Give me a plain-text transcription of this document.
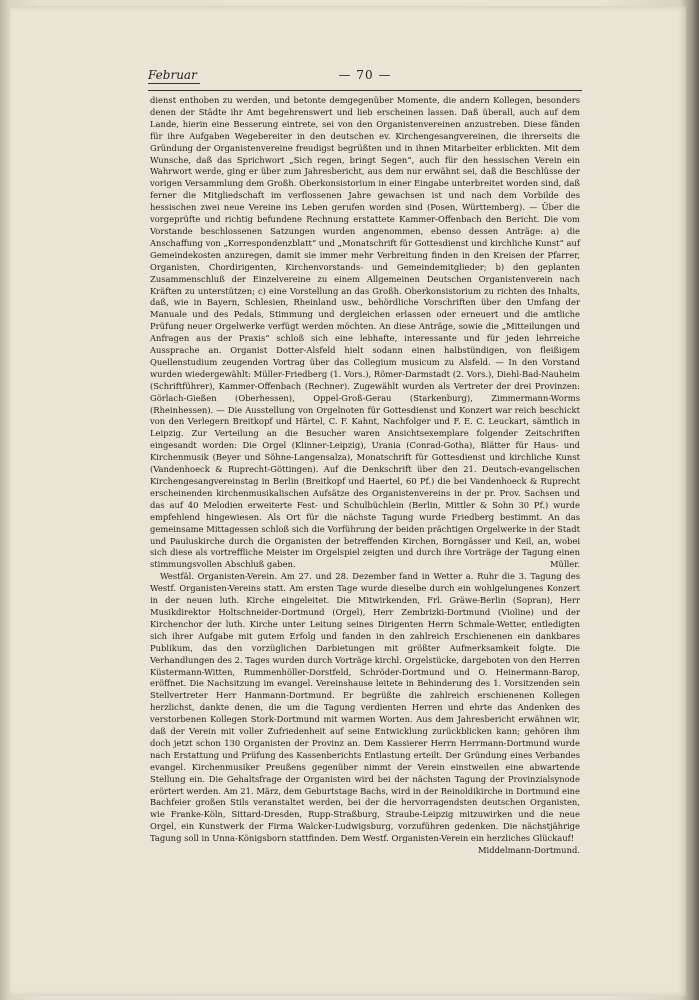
Febr​uar	— 70 —

dienst enthoben zu werden, und betonte demgegenüber Momente, die andern Kollegen, besonders denen der Städte ihr Amt begehrenswert und lieb erscheinen lassen. Daß überall, auch auf dem Lande, hierin eine Besserung eintrete, sei von den Organistenvereinen anzustreben. Diese fänden für ihre Aufgaben Wegebereiter in den deutschen ev. Kirchengesangvereinen, die ihrerseits die Gründung der Organistenvereine freudigst begrüßten und in ihnen Mitarbeiter erblickten. Mit dem Wunsche, daß das Sprichwort „Sich regen, bringt Segen“, auch für den hessischen Verein ein Wahrwort werde, ging er über zum Jahresbericht, aus dem nur erwähnt sei, daß die Beschlüsse der vorigen Versammlung dem Großh. Oberkonsistorium in einer Eingabe unterbreitet worden sind, daß ferner die Mitgliedschaft im verflossenen Jahre gewachsen ist und nach dem Vorbilde des hessischen zwei neue Vereine ins Leben gerufen worden sind (Posen, Württemberg). — Über die vorgeprüfte und richtig befundene Rechnung erstattete Kammer-Offenbach den Bericht. Die vom Vorstande beschlossenen Satzungen wurden angenommen, ebenso dessen Anträge: a) die Anschaffung von „Korrespondenzblatt“ und „Monatschrift für Gottesdienst und kirchliche Kunst“ auf Gemeindekosten anzuregen, damit sie immer mehr Verbreitung finden in den Kreisen der Pfarrer, Organisten, Chordirigenten, Kirchenvorstands- und Gemeindemitglieder; b) den geplanten Zusammenschluß der Einzelvereine zu einem Allgemeinen Deutschen Organistenverein nach Kräften zu unterstützen; c) eine Vorstellung an das Großh. Oberkonsistorium zu richten des Inhalts, daß, wie in Bayern, Schlesien, Rheinland usw., behördliche Vorschriften über den Umfang der Manuale und des Pedals, Stimmung und dergleichen erlassen oder erneuert und die amtliche Prüfung neuer Orgelwerke verfügt werden möchten. An diese Anträge, sowie die „Mitteilungen und Anfragen aus der Praxis“ schloß sich eine lebhafte, interessante und für jeden lehrreiche Aussprache an. Organist Dotter-Alsfeld hielt sodann einen halbstündigen, von fleißigem Quellenstudium zeugenden Vortrag über das Collegium musicum zu Alsfeld. — In den Vorstand wurden wiedergewählt: Müller-Friedberg (1. Vors.), Römer-Darmstadt (2. Vors.), Diehl-Bad-Nauheim (Schriftführer), Kammer-Offenbach (Rechner). Zugewählt wurden als Vertreter der drei Provinzen: Görlach-Gießen (Oberhessen), Oppel-Groß-Gerau (Starkenburg), Zimmermann-Worms (Rheinhessen). — Die Ausstellung von Orgelnoten für Gottesdienst und Konzert war reich beschickt von den Verlegern Breitkopf und Härtel, C. F. Kahnt, Nachfolger und F. E. C. Leuckart, sämtlich in Leipzig. Zur Verteilung an die Besucher waren Ansichtsexemplare folgender Zeitschriften eingesandt worden: Die Orgel (Klinner-Leipzig), Urania (Conrad-Gotha), Blätter für Haus- und Kirchenmusik (Beyer und Söhne-Langensalza), Monatschrift für Gottesdienst und kirchliche Kunst (Vandenhoeck & Ruprecht-Göttingen). Auf die Denkschrift über den 21. Deutsch-evangelischen Kirchengesangvereinstag in Berlin (Breitkopf und Haertel, 60 Pf.) die bei Vandenhoeck & Ruprecht erscheinenden kirchenmusikalischen Aufsätze des Organistenvereins in der pr. Prov. Sachsen und das auf 40 Melodien erweiterte Fest- und Schulbüchlein (Berlin, Mittler & Sohn 30 Pf.) wurde empfehlend hingewiesen. Als Ort für die nächste Tagung wurde Friedberg bestimmt. An das gemeinsame Mittagessen schloß sich die Vorführung der beiden prächtigen Orgelwerke in der Stadt und Pauluskirche durch die Organisten der betreffenden Kirchen, Borngässer und Keil, an, wobei sich diese als vortreffliche Meister im Orgelspiel zeigten und durch ihre Vorträge der Tagung einen stimmungsvollen Abschluß gaben.	Müller.

Westfäl. Organisten-Verein. Am 27. und 28. Dezember fand in Wetter a. Ruhr die 3. Tagung des Westf. Organisten-Vereins statt. Am ersten Tage wurde dieselbe durch ein wohlgelungenes Konzert in der neuen luth. Kirche eingeleitet. Die Mitwirkenden, Frl. Gräwe-Berlin (Sopran), Herr Musikdirektor Holtschneider-Dortmund (Orgel), Herr Zembrizki-Dortmund (Violine) und der Kirchenchor der luth. Kirche unter Leitung seines Dirigenten Herrn Schmale-Wetter, entledigten sich ihrer Aufgabe mit gutem Erfolg und fanden in den zahlreich Erschienenen ein dankbares Publikum, das den vorzüglichen Darbietungen mit größter Aufmerksamkeit folgte. Die Verhandlungen des 2. Tages wurden durch Vorträge kirchl. Orgelstücke, dargeboten von den Herren Küstermann-Witten, Rummenhöller-Dorstfeld, Schröder-Dortmund und O. Heinermann-Barop, eröffnet. Die Nachsitzung im evangel. Vereinshause leitete in Behinderung des 1. Vorsitzenden sein Stellvertreter Herr Hanmann-Dortmund. Er begrüßte die zahlreich erschienenen Kollegen herzlichst, dankte denen, die um die Tagung verdienten Herren und ehrte das Andenken des verstorbenen Kollegen Stork-Dortmund mit warmen Worten. Aus dem Jahresbericht erwähnen wir, daß der Verein mit voller Zufriedenheit auf seine Entwicklung zurückblicken kann; gehören ihm doch jetzt schon 130 Organisten der Provinz an. Dem Kassierer Herrn Herrmann-Dortmund wurde nach Erstattung und Prüfung des Kassenberichts Entlastung erteilt. Der Gründung eines Verbandes evangel. Kirchenmusiker Preußens gegenüber nimmt der Verein einstweilen eine abwartende Stellung ein. Die Gehaltsfrage der Organisten wird bei der nächsten Tagung der Provinzialsynode erörtert werden. Am 21. März, dem Geburtstage Bachs, wird in der Reinoldikirche in Dortmund eine Bachfeier großen Stils veranstaltet werden, bei der die hervorragendsten deutschen Organisten, wie Franke-Köln, Sittard-Dresden, Rupp-Straßburg, Straube-Leipzig mitzuwirken und die neue Orgel, ein Kunstwerk der Firma Walcker-Ludwigsburg, vorzuführen gedenken. Die nächstjährige Tagung soll in Unna-Königsborn stattfinden. Dem Westf. Organisten-Verein ein herzliches Glückauf!
Middelmann-Dortmund.
